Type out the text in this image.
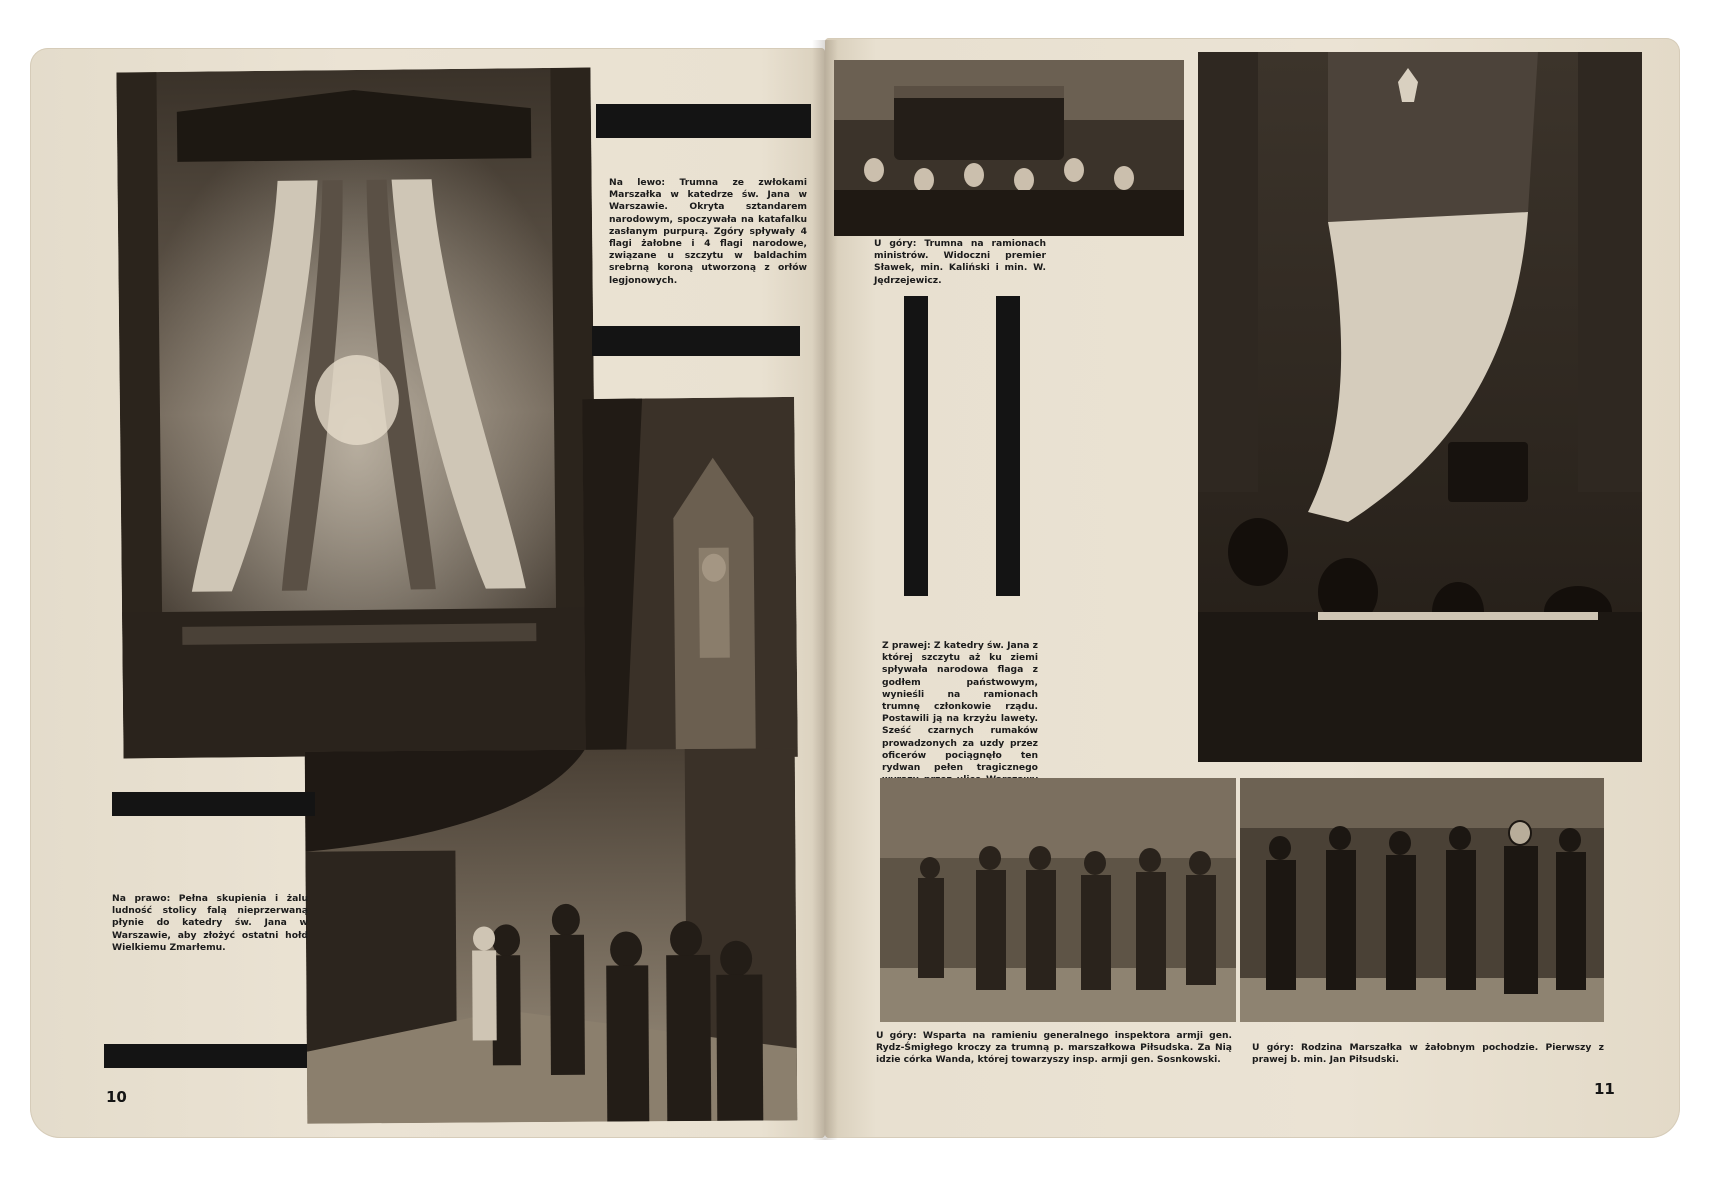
Na lewo: Trumna ze zwłokami Marszałka w katedrze św. Jana w Warszawie. Okryta sztandarem narodowym, spoczywała na katafalku zasłanym purpurą. Zgóry spływały 4 flagi żałobne i 4 flagi narodowe, związane u szczytu w baldachim srebrną koroną utworzoną z orłów legjonowych.

Na prawo: Pełna skupienia i żalu ludność stolicy falą nieprzerwaną płynie do katedry św. Jana w Warszawie, aby złożyć ostatni hołd Wielkiemu Zmarłemu.

10

U góry: Trumna na ramionach ministrów. Widoczni premier Sławek, min. Kaliński i min. W. Jędrzejewicz.

Z prawej: Z katedry św. Jana z której szczytu aż ku ziemi spływała narodowa flaga z godłem państwowym, wynieśli na ramionach trumnę członkowie rządu. Postawili ją na krzyżu lawety. Sześć czarnych rumaków prowadzonych za uzdy przez oficerów pociągnęło ten rydwan pełen tragicznego

U góry: Wsparta na ramieniu generalnego inspektora armji gen. Rydz-Śmigłego kroczy za trumną p. marszałkowa Piłsudska. Za Nią idzie córka Wanda, której towarzyszy insp. armji gen. Sosnkowski.

U góry: Rodzina Marszałka w żałobnym pochodzie. Pierwszy z prawej b. min. Jan Piłsudski.

11
